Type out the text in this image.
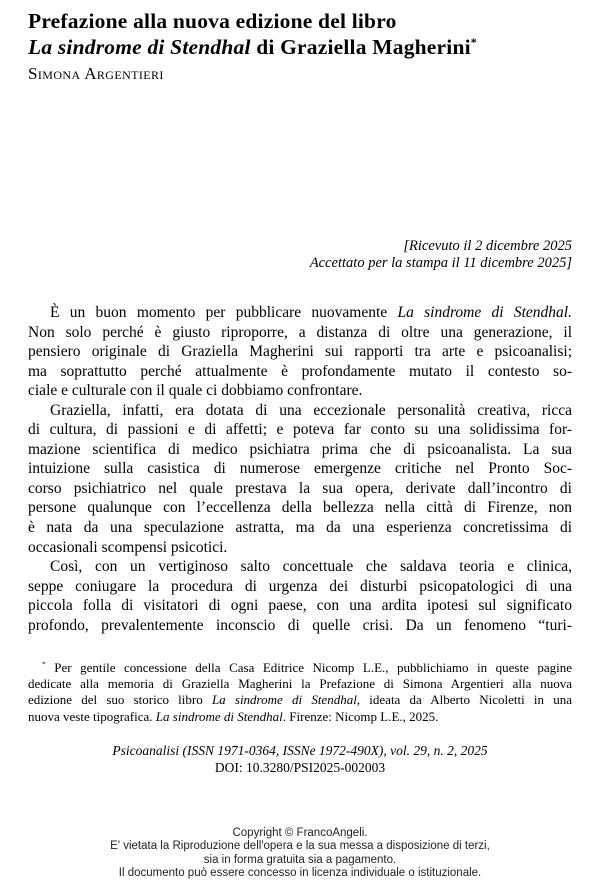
Prefazione alla nuova edizione del libro
La sindrome di Stendhal di Graziella Magherini*
Simona Argentieri
[Ricevuto il 2 dicembre 2025
Accettato per la stampa il 11 dicembre 2025]
È un buon momento per pubblicare nuovamente La sindrome di Stendhal.
Non solo perché è giusto riproporre, a distanza di oltre una generazione, il
pensiero originale di Graziella Magherini sui rapporti tra arte e psicoanalisi;
ma soprattutto perché attualmente è profondamente mutato il contesto so-
ciale e culturale con il quale ci dobbiamo confrontare.
Graziella, infatti, era dotata di una eccezionale personalità creativa, ricca
di cultura, di passioni e di affetti; e poteva far conto su una solidissima for-
mazione scientifica di medico psichiatra prima che di psicoanalista. La sua
intuizione sulla casistica di numerose emergenze critiche nel Pronto Soc-
corso psichiatrico nel quale prestava la sua opera, derivate dall’incontro di
persone qualunque con l’eccellenza della bellezza nella città di Firenze, non
è nata da una speculazione astratta, ma da una esperienza concretissima di
occasionali scompensi psicotici.
Così, con un vertiginoso salto concettuale che saldava teoria e clinica,
seppe coniugare la procedura di urgenza dei disturbi psicopatologici di una
piccola folla di visitatori di ogni paese, con una ardita ipotesi sul significato
profondo, prevalentemente inconscio di quelle crisi. Da un fenomeno “turi-
* Per gentile concessione della Casa Editrice Nicomp L.E., pubblichiamo in queste pagine
dedicate alla memoria di Graziella Magherini la Prefazione di Simona Argentieri alla nuova
edizione del suo storico libro La sindrome di Stendhal, ideata da Alberto Nicoletti in una
nuova veste tipografica. La sindrome di Stendhal. Firenze: Nicomp L.E., 2025.
Psicoanalisi (ISSN 1971-0364, ISSNe 1972-490X), vol. 29, n. 2, 2025
DOI: 10.3280/PSI2025-002003
Copyright © FrancoAngeli.
E' vietata la Riproduzione dell'opera e la sua messa a disposizione di terzi,
sia in forma gratuita sia a pagamento.
Il documento può essere concesso in licenza individuale o istituzionale.
